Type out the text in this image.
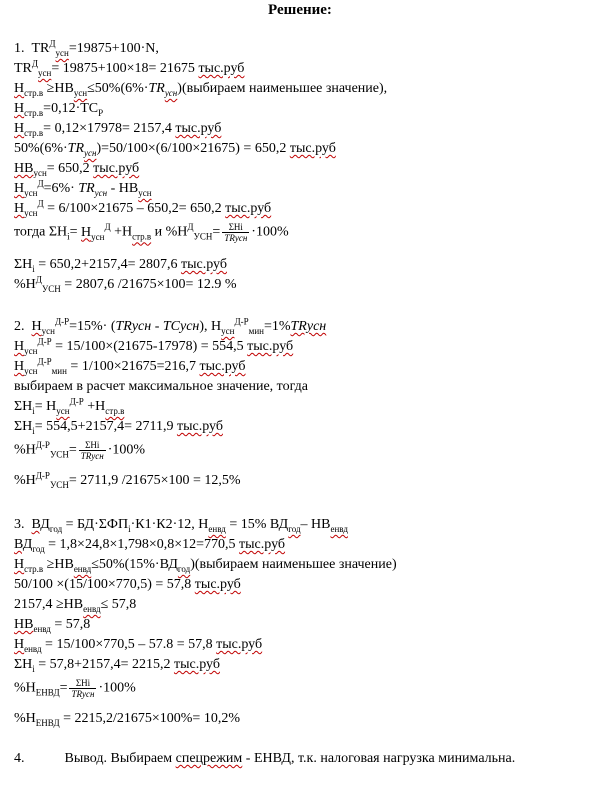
Решение:
1. $TR^Д_{усн}=19875+100\cdot N$,
$TR^Д_{усн}= 19875+100\times 18= 21675$ тыс.руб
$Н_{стр.в}$ $\ge НВ_{усн}\le 50\%(6\%\cdot TR_{усн})(выбираем$ наименьшее значение),
$Н_{стр.в}=0,12\cdot ТС_Р$
$Н_{стр.в}= 0,12\times 17978= 2157,4$ тыс.руб
$50\%(6\%\cdot TR_{усн})=50/100\times(6/100\times 21675) = 650,2$ тыс.руб
$НВ_{усн}= 650,2$ тыс.руб
$Н_{усн}^Д=6\%\cdot TR_{усн} - НВ_{усн}$
$Н_{усн}^Д = 6/100\times 21675 - 650,2= 650,2$ тыс.руб
тогда $\Sigma Н_i= Н_{усн}^Д +Н_{стр.в}$ и $\%Н^Д_{УСН}= \frac{\text{ΣНi}}{\text{TRусн}} \cdot 100\%$
$\Sigma Н_i = 650,2+2157,4= 2807,6$ тыс.руб
$\%Н^Д_{УСН} = 2807,6$ /21675×100= 12.9 %
2. $Н_{усн}^{Д-Р}=15\%\cdot$ (TRусн - ТСусн), $Н_{усн}^{Д-Р}_{мин}=1\%TRусн$
$Н_{усн}^{Д-Р} = 15/100\times(21675-17978) = 554,5$ тыс.руб
$Н_{усн}^{Д-Р}_{мин} = 1/100\times 21675=216,7$ тыс.руб
выбираем в расчет максимальное значение, тогда
$\Sigma Н_i= Н_{усн}^{Д-Р} +Н_{стр.в}$
$\Sigma Н_i= 554,5+2157,4= 2711,9$ тыс.руб
$\%Н^{Д-Р}_{УСН}= \frac{\text{ΣНi}}{\text{TRусн}} \cdot 100\%$
$\%Н^{Д-Р}_{УСН}= 2711,9$ /21675×100 = 12,5%
3. $ВД_{год} = БД\cdot\Sigma ФП_i\cdot К1\cdot К2\cdot 12$, $Н_{енвд} = 15\%$ $ВД_{год}-$ $НВ_{енвд}$
$ВД_{год} = 1,8\times 24,8\times 1,798\times 0,8\times 12=770,5$ тыс.руб
$Н_{стр.в}$ $\ge НВ_{енвд}\le 50\%(15\%\cdot ВД_{год})(выбираем$ наименьшее значение)
50/100 ×(15/100×770,5) = 57,8 тыс.руб
$2157,4 \ge НВ_{енвд}\le 57,8$
$НВ_{енвд} = 57,8$
$Н_{енвд} = 15/100\times 770,5 - 57.8 = 57,8$ тыс.руб
$\Sigma Н_i = 57,8+2157,4= 2215,2$ тыс.руб
$\%Н_{ЕНВД}= \frac{\text{ΣНi}}{\text{TRусн}} \cdot 100\%$
$\%Н_{ЕНВД} = 2215,2/21675\times 100\%= 10,2\%$
4.	Вывод. Выбираем спецрежим - ЕНВД, т.к. налоговая нагрузка минимальна.
